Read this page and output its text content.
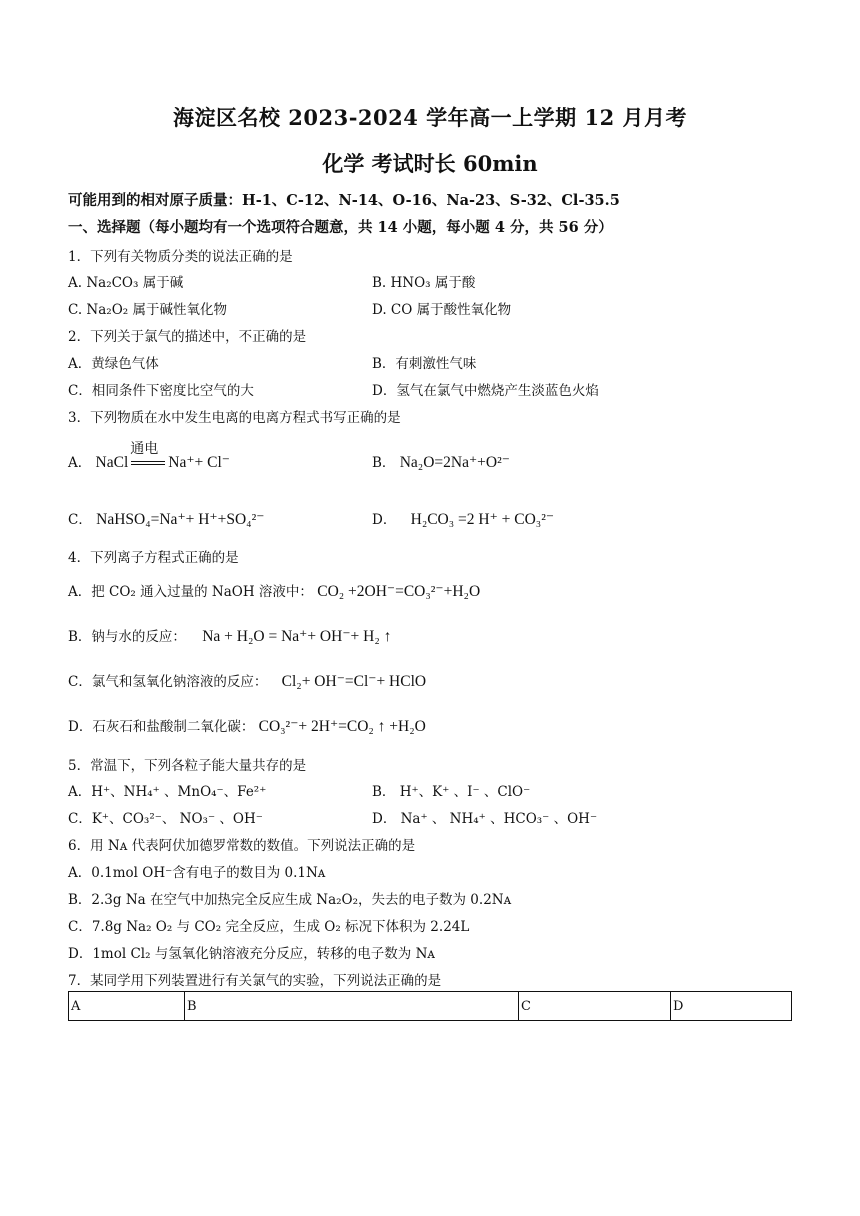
海淀区名校 2023-2024 学年高一上学期 12 月月考
化学 考试时长 60min
可能用到的相对原子质量：H-1、C-12、N-14、O-16、Na-23、S-32、Cl-35.5
一、选择题（每小题均有一个选项符合题意，共 14 小题，每小题 4 分，共 56 分）
1．下列有关物质分类的说法正确的是
A. Na₂CO₃ 属于碱	B. HNO₃ 属于酸
C. Na₂O₂ 属于碱性氧化物	D. CO 属于酸性氧化物
2．下列关于氯气的描述中，不正确的是
A．黄绿色气体	B．有刺激性气味
C．相同条件下密度比空气的大	D．氢气在氯气中燃烧产生淡蓝色火焰
3．下列物质在水中发生电离的电离方程式书写正确的是
A． NaCl
通电
Na⁺+ Cl⁻	B． Na₂O=2Na⁺+O²⁻
C． NaHSO₄=Na⁺+ H⁺+SO₄²⁻	D． H₂CO₃ =2 H⁺ + CO₃²⁻
4．下列离子方程式正确的是
A．把 CO₂ 通入过量的 NaOH 溶液中： CO₂ +2OH⁻=CO₃²⁻+H₂O
B．钠与水的反应： Na + H₂O = Na⁺+ OH⁻+ H₂ ↑
C．氯气和氢氧化钠溶液的反应： Cl₂+ OH⁻=Cl⁻+ HClO
D．石灰石和盐酸制二氧化碳： CO₃²⁻+ 2H⁺=CO₂ ↑ +H₂O
5．常温下，下列各粒子能大量共存的是
A．H⁺、NH₄⁺ 、MnO₄⁻、Fe²⁺	B． H⁺、K⁺ 、I⁻ 、ClO⁻
C．K⁺、CO₃²⁻、 NO₃⁻ 、OH⁻	D． Na⁺ 、 NH₄⁺ 、HCO₃⁻ 、OH⁻
6．用 Nᴀ 代表阿伏加德罗常数的数值。下列说法正确的是
A．0.1mol OH⁻含有电子的数目为 0.1Nᴀ
B．2.3g Na 在空气中加热完全反应生成 Na₂O₂，失去的电子数为 0.2Nᴀ
C．7.8g Na₂ O₂ 与 CO₂ 完全反应，生成 O₂ 标况下体积为 2.24L
D．1mol Cl₂ 与氢氧化钠溶液充分反应，转移的电子数为 Nᴀ
7．某同学用下列装置进行有关氯气的实验，下列说法正确的是
A	B	C	D
